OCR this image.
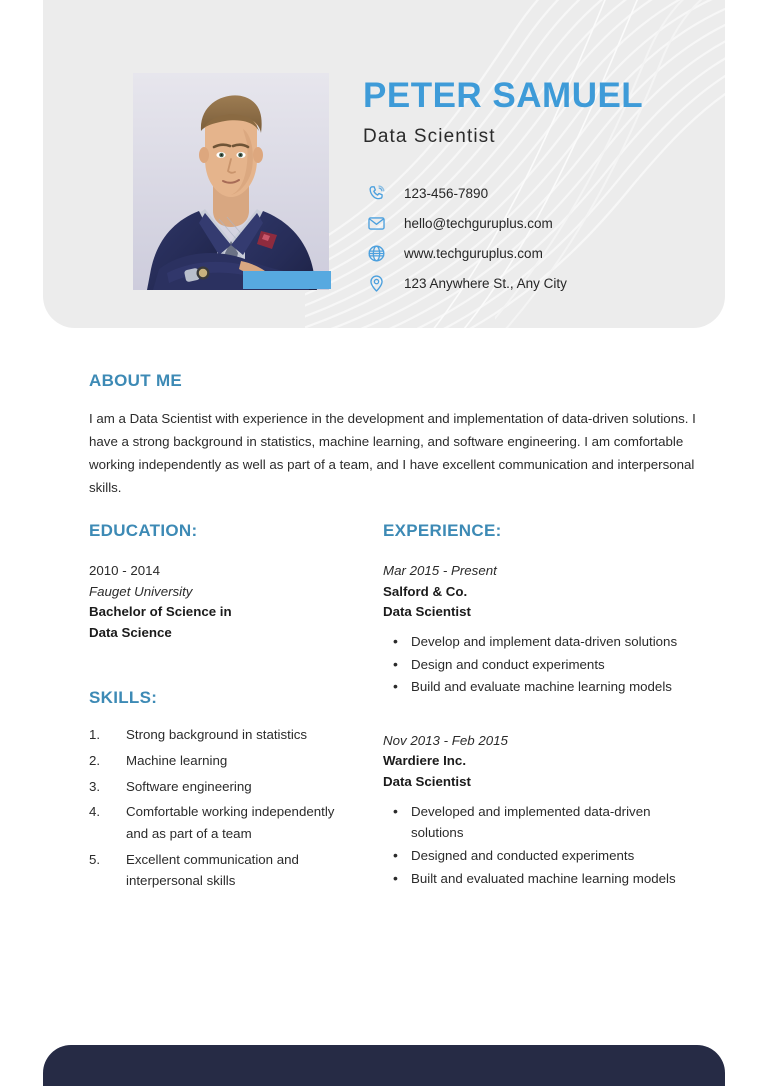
PETER SAMUEL
Data Scientist
123-456-7890
hello@techguruplus.com
www.techguruplus.com
123 Anywhere St., Any City
ABOUT ME
I am a Data Scientist with experience in the development and implementation of data-driven solutions. I have a strong background in statistics, machine learning, and software engineering. I am comfortable working independently as well as part of a team, and I have excellent communication and interpersonal skills.
EDUCATION:
2010 - 2014
Fauget University
Bachelor of Science in
Data Science
SKILLS:
Strong background in statistics
Machine learning
Software engineering
Comfortable working independently and as part of a team
Excellent communication and interpersonal skills
EXPERIENCE:
Mar 2015 - Present
Salford & Co.
Data Scientist
• Develop and implement data-driven solutions
• Design and conduct experiments
• Build and evaluate machine learning models
Nov 2013 - Feb 2015
Wardiere Inc.
Data Scientist
• Developed and implemented data-driven solutions
• Designed and conducted experiments
• Built and evaluated machine learning models
